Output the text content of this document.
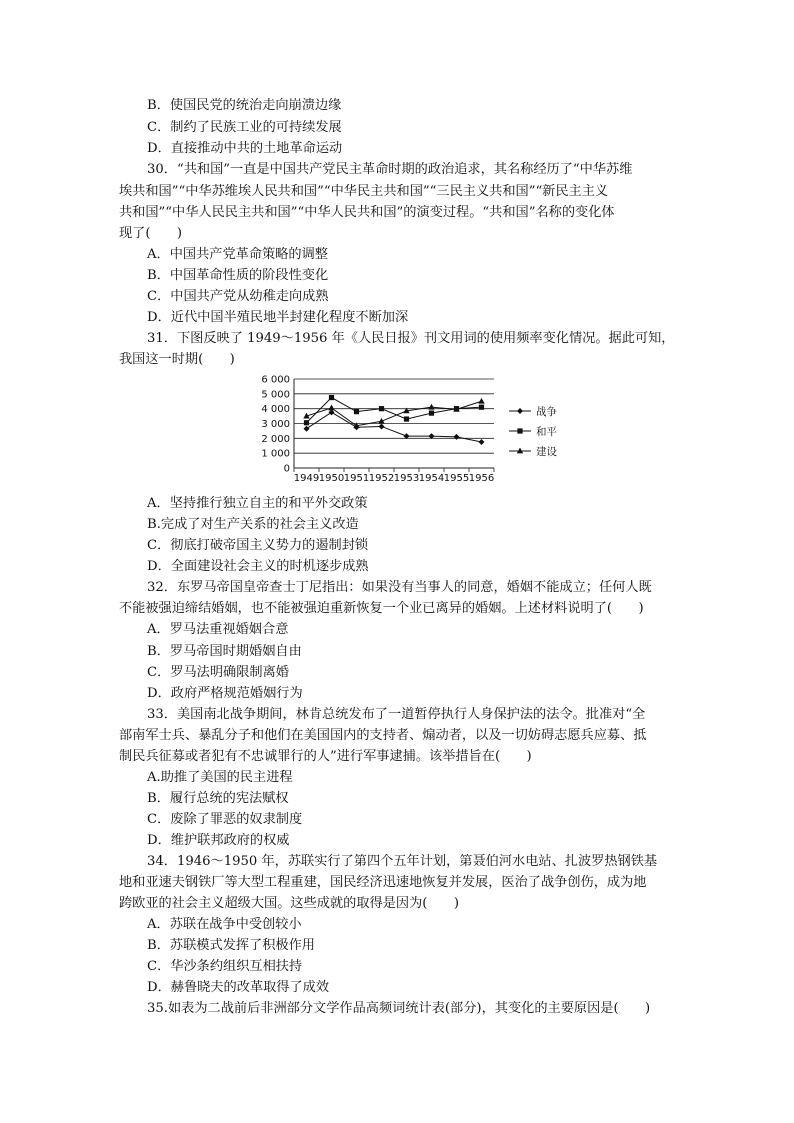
B．使国民党的统治走向崩溃边缘
C．制约了民族工业的可持续发展
D．直接推动中共的土地革命运动
30．“共和国”一直是中国共产党民主革命时期的政治追求，其名称经历了“中华苏维
埃共和国”“中华苏维埃人民共和国”“中华民主共和国”“三民主义共和国”“新民主主义
共和国”“中华人民民主共和国”“中华人民共和国”的演变过程。“共和国”名称的变化体
现了(　　)
A．中国共产党革命策略的调整
B．中国革命性质的阶段性变化
C．中国共产党从幼稚走向成熟
D．近代中国半殖民地半封建化程度不断加深
31．下图反映了 1949～1956 年《人民日报》刊文用词的使用频率变化情况。据此可知，
我国这一时期(　　)
6 000
5 000
4 000
3 000
2 000
1 000
0
1949 1950 1951 1952 1953 1954 1955 1956
战争
和平
建设
A．坚持推行独立自主的和平外交政策
B.完成了对生产关系的社会主义改造
C．彻底打破帝国主义势力的遏制封锁
D．全面建设社会主义的时机逐步成熟
32．东罗马帝国皇帝查士丁尼指出：如果没有当事人的同意，婚姻不能成立；任何人既
不能被强迫缔结婚姻，也不能被强迫重新恢复一个业已离异的婚姻。上述材料说明了(　　)
A．罗马法重视婚姻合意
B．罗马帝国时期婚姻自由
C．罗马法明确限制离婚
D．政府严格规范婚姻行为
33．美国南北战争期间，林肯总统发布了一道暂停执行人身保护法的法令。批准对“全
部南军士兵、暴乱分子和他们在美国国内的支持者、煽动者，以及一切妨碍志愿兵应募、抵
制民兵征募或者犯有不忠诚罪行的人”进行军事逮捕。该举措旨在(　　)
A.助推了美国的民主进程
B．履行总统的宪法赋权
C．废除了罪恶的奴隶制度
D．维护联邦政府的权威
34．1946～1950 年，苏联实行了第四个五年计划，第聂伯河水电站、扎波罗热钢铁基
地和亚速夫钢铁厂等大型工程重建，国民经济迅速地恢复并发展，医治了战争创伤，成为地
跨欧亚的社会主义超级大国。这些成就的取得是因为(　　)
A．苏联在战争中受创较小
B．苏联模式发挥了积极作用
C．华沙条约组织互相扶持
D．赫鲁晓夫的改革取得了成效
35.如表为二战前后非洲部分文学作品高频词统计表(部分)，其变化的主要原因是(　　)
